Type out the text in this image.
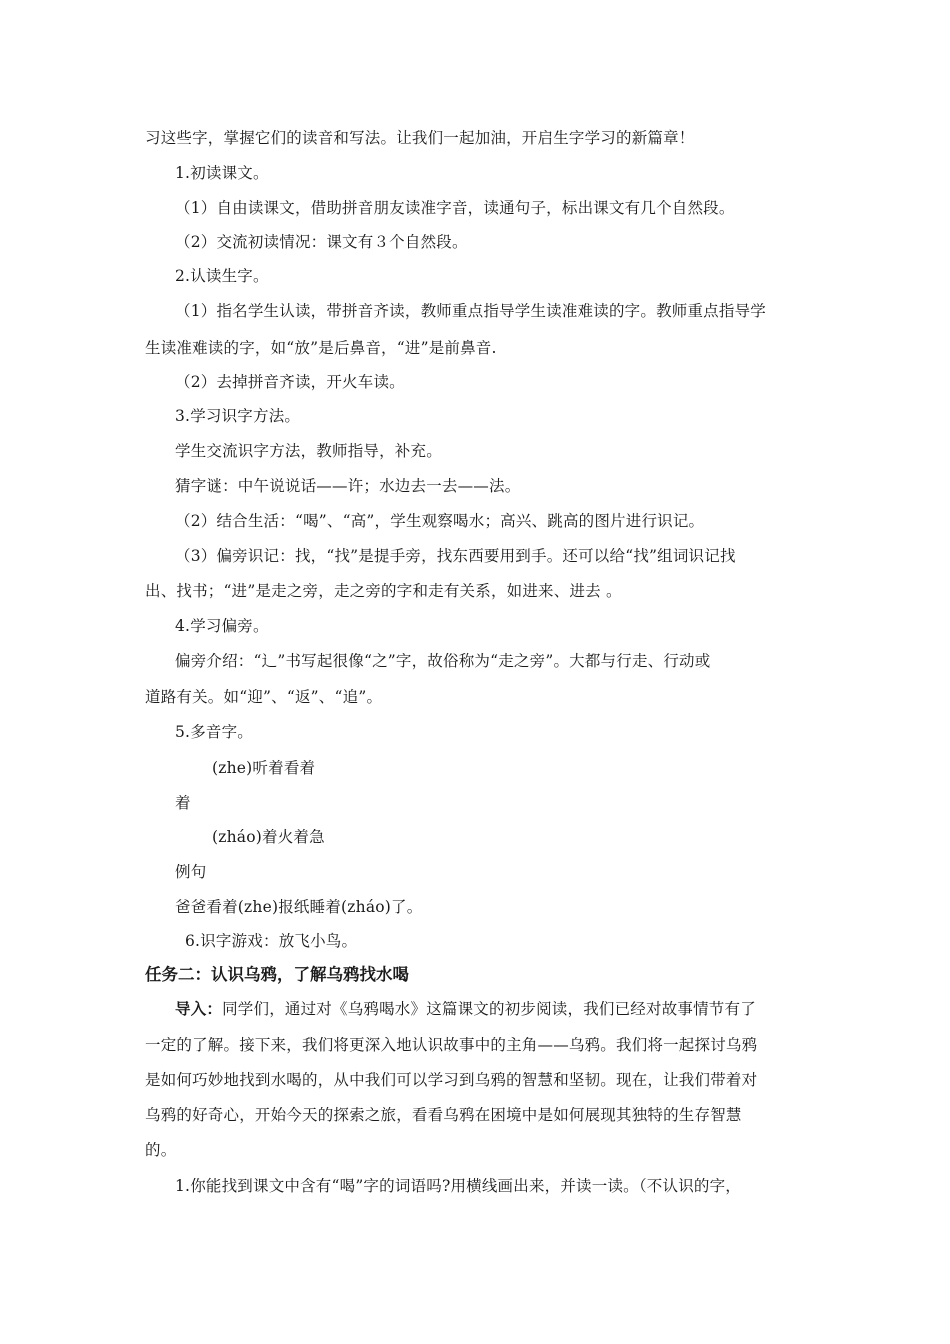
习这些字，掌握它们的读音和写法。让我们一起加油，开启生字学习的新篇章！
1.初读课文。
（1）自由读课文，借助拼音朋友读准字音，读通句子，标出课文有几个自然段。
（2）交流初读情况：课文有３个自然段。
2.认读生字。
（1）指名学生认读，带拼音齐读，教师重点指导学生读准难读的字。教师重点指导学
生读准难读的字，如“放”是后鼻音，“进”是前鼻音.
（2）去掉拼音齐读，开火车读。
3.学习识字方法。
学生交流识字方法，教师指导，补充。
猜字谜：中午说说话——许；水边去一去——法。
（2）结合生活：“喝”、“高”，学生观察喝水；高兴、跳高的图片进行识记。
（3）偏旁识记：找，“找”是提手旁，找东西要用到手。还可以给“找”组词识记找
出、找书；“进”是走之旁，走之旁的字和走有关系，如进来、进去 。
4.学习偏旁。
偏旁介绍：“辶”书写起很像“之”字，故俗称为“走之旁”。大都与行走、行动或
道路有关。如“迎”、“返”、“追”。
5.多音字。
(zhe)听着看着
着
(zháo)着火着急
例句
爸爸看着(zhe)报纸睡着(zháo)了。
6.识字游戏：放飞小鸟。
任务二：认识乌鸦，了解乌鸦找水喝
导入：同学们，通过对《乌鸦喝水》这篇课文的初步阅读，我们已经对故事情节有了
一定的了解。接下来，我们将更深入地认识故事中的主角——乌鸦。我们将一起探讨乌鸦
是如何巧妙地找到水喝的，从中我们可以学习到乌鸦的智慧和坚韧。现在，让我们带着对
乌鸦的好奇心，开始今天的探索之旅，看看乌鸦在困境中是如何展现其独特的生存智慧
的。
1.你能找到课文中含有“喝”字的词语吗?用横线画出来，并读一读。（不认识的字，
